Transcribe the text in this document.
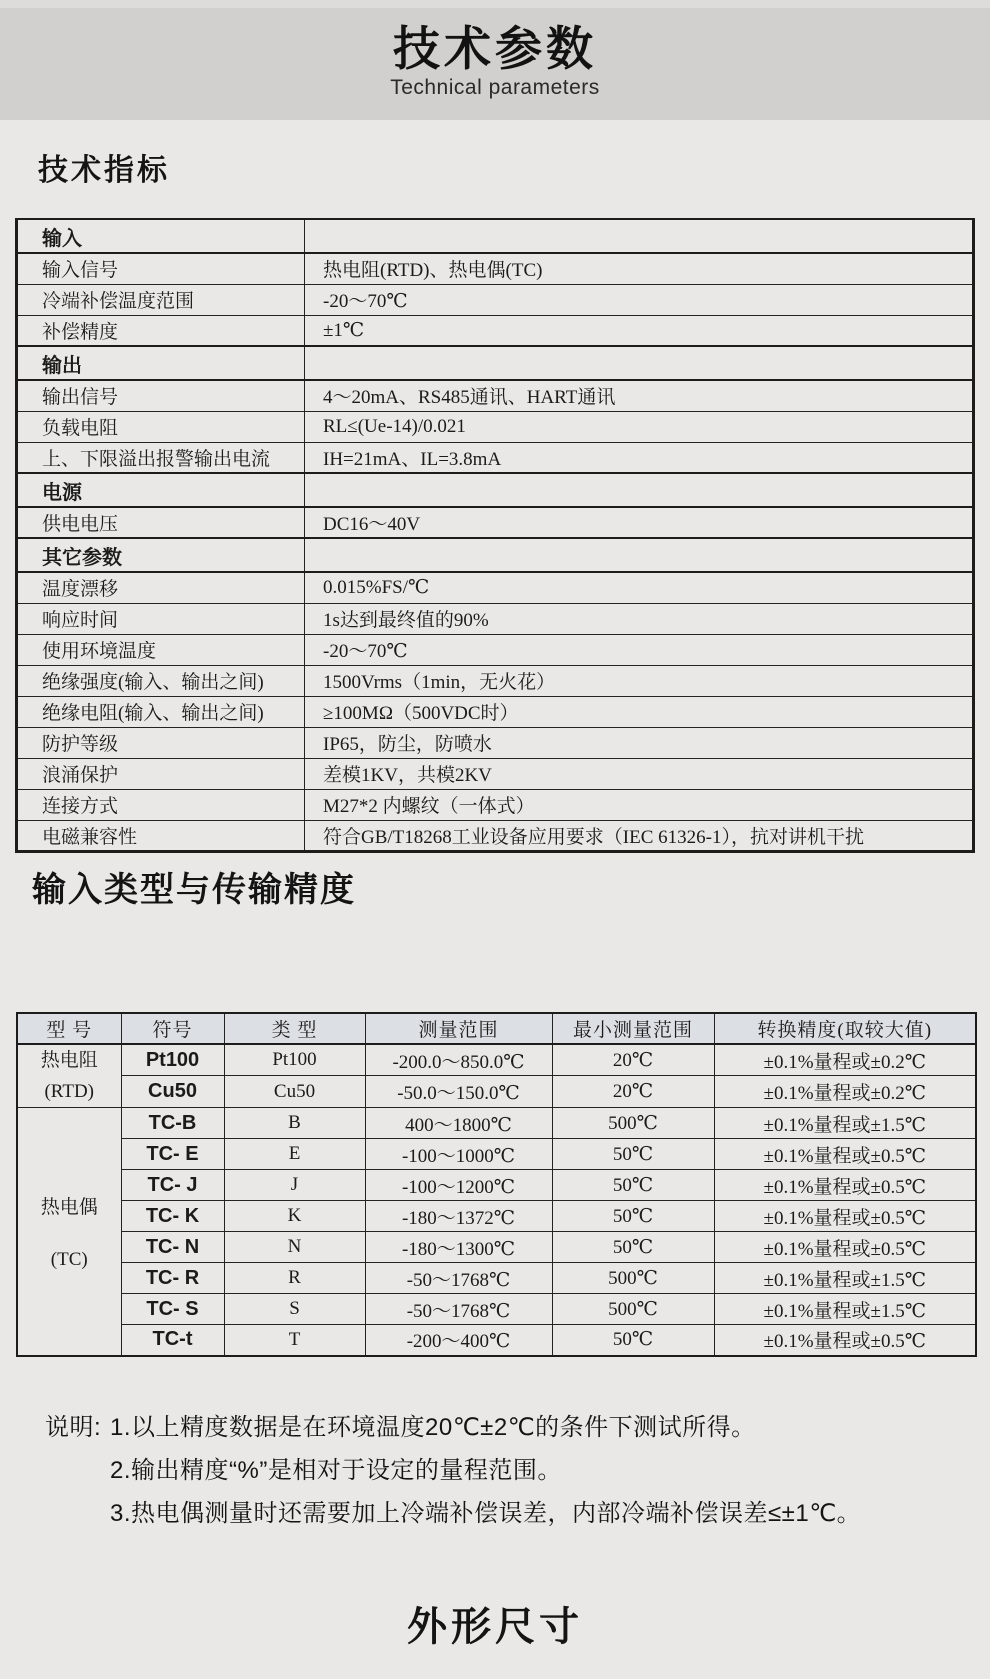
技术参数

Technical parameters

技术指标
输入	
输入信号	热电阻(RTD)、热电偶(TC)
冷端补偿温度范围	-20～70℃
补偿精度	±1℃
输出	
输出信号	4～20mA、RS485通讯、HART通讯
负载电阻	RL≤(Ue-14)/0.021
上、下限溢出报警输出电流	IH=21mA、IL=3.8mA
电源	
供电电压	DC16～40V
其它参数	
温度漂移	0.015%FS/℃
响应时间	1s达到最终值的90%
使用环境温度	-20～70℃
绝缘强度(输入、输出之间)	1500Vrms（1min，无火花）
绝缘电阻(输入、输出之间)	≥100MΩ（500VDC时）
防护等级	IP65，防尘，防喷水
浪涌保护	差模1KV，共模2KV
连接方式	M27*2 内螺纹（一体式）
电磁兼容性	符合GB/T18268工业设备应用要求（IEC 61326-1），抗对讲机干扰
输入类型与传输精度
型 号	符号	类 型	测量范围	最小测量范围	转换精度(取较大值)

热电阻
(RTD)	Pt100	Pt100	-200.0～850.0℃	20℃	±0.1%量程或±0.2℃
	Cu50	Cu50	-50.0～150.0℃	20℃	±0.1%量程或±0.2℃

热电偶
(TC)	TC-B	B	400～1800℃	500℃	±0.1%量程或±1.5℃
	TC- E	E	-100～1000℃	50℃	±0.1%量程或±0.5℃
	TC- J	J	-100～1200℃	50℃	±0.1%量程或±0.5℃
	TC- K	K	-180～1372℃	50℃	±0.1%量程或±0.5℃
	TC- N	N	-180～1300℃	50℃	±0.1%量程或±0.5℃
	TC- R	R	-50～1768℃	500℃	±0.1%量程或±1.5℃
	TC- S	S	-50～1768℃	500℃	±0.1%量程或±1.5℃
	TC-t	T	-200～400℃	50℃	±0.1%量程或±0.5℃
说明: 1.以上精度数据是在环境温度20℃±2℃的条件下测试所得。
2.输出精度“%”是相对于设定的量程范围。
3.热电偶测量时还需要加上冷端补偿误差，内部冷端补偿误差≤±1℃。
外形尺寸
